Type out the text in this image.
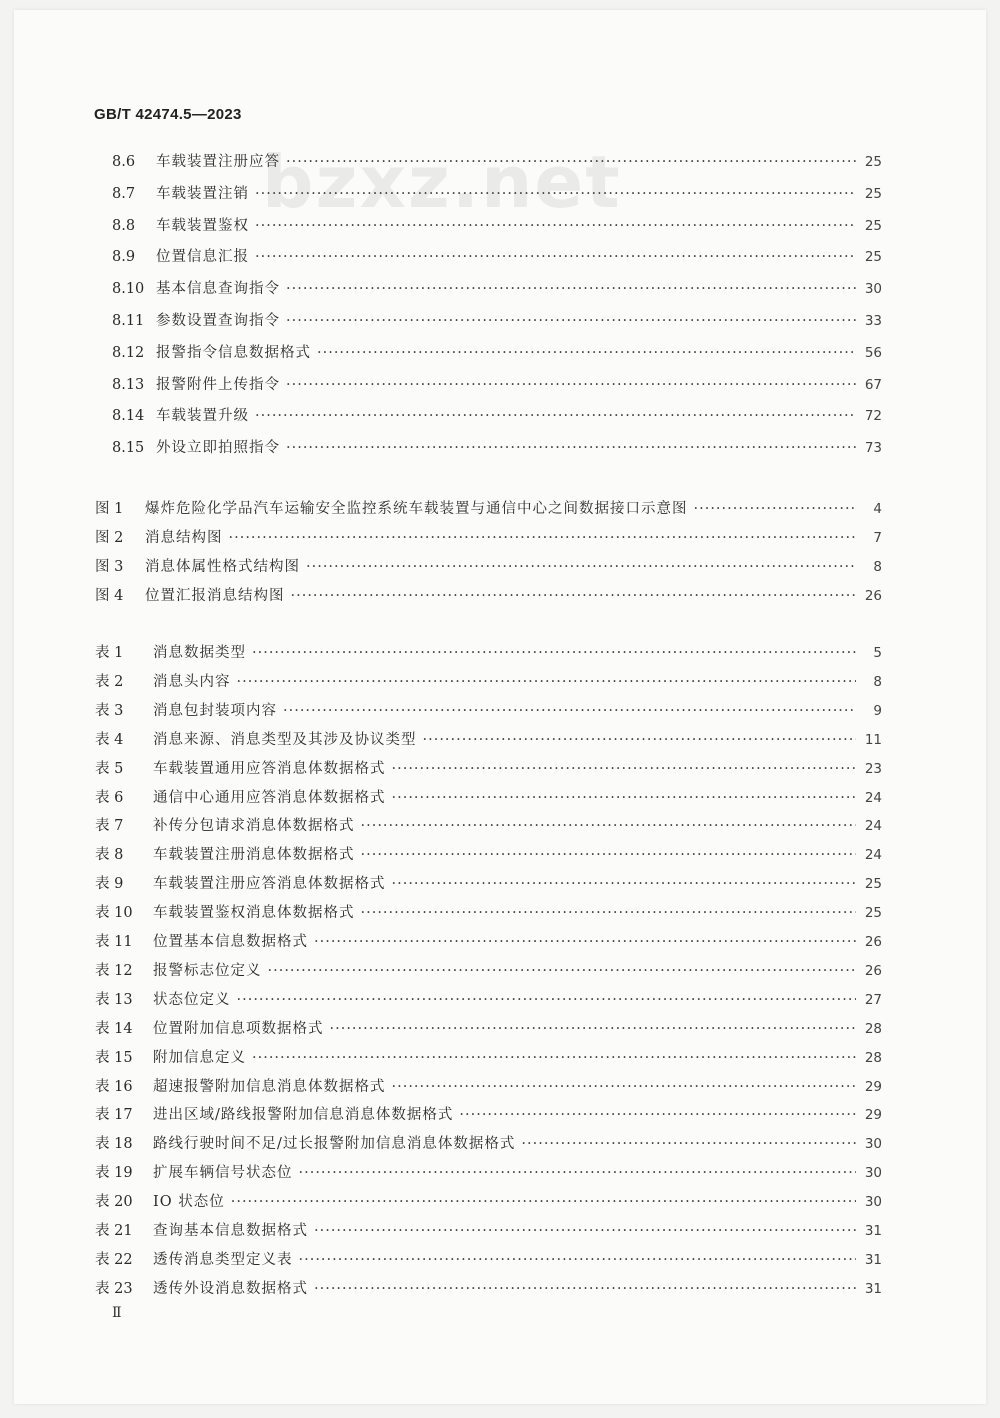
GB/T 42474.5—2023
bzxz.net
8.6	车载装置注册应答 ·····	25
8.7	车载装置注销 ·····	25
8.8	车载装置鉴权 ·····	25
8.9	位置信息汇报 ·····	25
8.10 基本信息查询指令 ·····	30
8.11 参数设置查询指令 ·····	33
8.12 报警指令信息数据格式 ·····	56
8.13 报警附件上传指令 ·····	67
8.14 车载装置升级 ·····	72
8.15 外设立即拍照指令 ·····	73
图 1	爆炸危险化学品汽车运输安全监控系统车载装置与通信中心之间数据接口示意图 ·····	4
图 2	消息结构图 ·····	7
图 3	消息体属性格式结构图 ·····	8
图 4	位置汇报消息结构图 ·····	26
表 1	消息数据类型 ·····	5
表 2	消息头内容 ·····	8
表 3	消息包封装项内容 ·····	9
表 4	消息来源、消息类型及其涉及协议类型 ·····	11
表 5	车载装置通用应答消息体数据格式 ·····	23
表 6	通信中心通用应答消息体数据格式 ·····	24
表 7	补传分包请求消息体数据格式 ·····	24
表 8	车载装置注册消息体数据格式 ·····	24
表 9	车载装置注册应答消息体数据格式 ·····	25
表 10	车载装置鉴权消息体数据格式 ·····	25
表 11	位置基本信息数据格式 ·····	26
表 12	报警标志位定义 ·····	26
表 13	状态位定义 ·····	27
表 14	位置附加信息项数据格式 ·····	28
表 15	附加信息定义 ·····	28
表 16	超速报警附加信息消息体数据格式 ·····	29
表 17	进出区域/路线报警附加信息消息体数据格式 ·····	29
表 18	路线行驶时间不足/过长报警附加信息消息体数据格式 ·····	30
表 19	扩展车辆信号状态位 ·····	30
表 20	IO 状态位 ·····	30
表 21	查询基本信息数据格式 ·····	31
表 22	透传消息类型定义表 ·····	31
表 23	透传外设消息数据格式 ·····	31
Ⅱ
